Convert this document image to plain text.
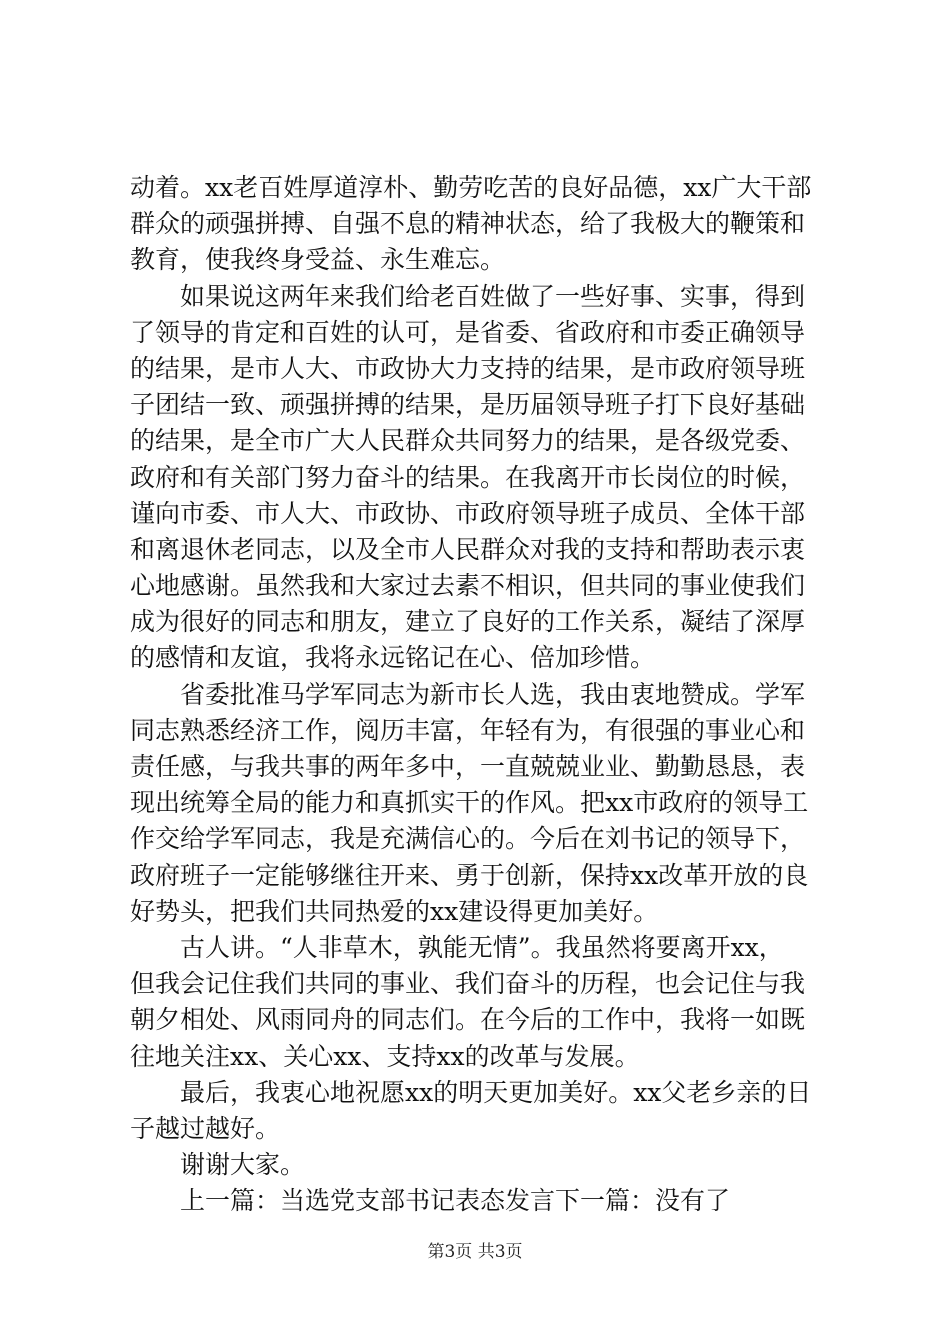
动着。xx老百姓厚道淳朴、勤劳吃苦的良好品德，xx广大干部
群众的顽强拼搏、自强不息的精神状态，给了我极大的鞭策和
教育，使我终身受益、永生难忘。
如果说这两年来我们给老百姓做了一些好事、实事，得到
了领导的肯定和百姓的认可，是省委、省政府和市委正确领导
的结果，是市人大、市政协大力支持的结果，是市政府领导班
子团结一致、顽强拼搏的结果，是历届领导班子打下良好基础
的结果，是全市广大人民群众共同努力的结果，是各级党委、
政府和有关部门努力奋斗的结果。在我离开市长岗位的时候，
谨向市委、市人大、市政协、市政府领导班子成员、全体干部
和离退休老同志，以及全市人民群众对我的支持和帮助表示衷
心地感谢。虽然我和大家过去素不相识，但共同的事业使我们
成为很好的同志和朋友，建立了良好的工作关系，凝结了深厚
的感情和友谊，我将永远铭记在心、倍加珍惜。
省委批准马学军同志为新市长人选，我由衷地赞成。学军
同志熟悉经济工作，阅历丰富，年轻有为，有很强的事业心和
责任感，与我共事的两年多中，一直兢兢业业、勤勤恳恳，表
现出统筹全局的能力和真抓实干的作风。把xx市政府的领导工
作交给学军同志，我是充满信心的。今后在刘书记的领导下，
政府班子一定能够继往开来、勇于创新，保持xx改革开放的良
好势头，把我们共同热爱的xx建设得更加美好。
古人讲。“人非草木，孰能无情”。我虽然将要离开xx，
但我会记住我们共同的事业、我们奋斗的历程，也会记住与我
朝夕相处、风雨同舟的同志们。在今后的工作中，我将一如既
往地关注xx、关心xx、支持xx的改革与发展。
最后，我衷心地祝愿xx的明天更加美好。xx父老乡亲的日
子越过越好。
谢谢大家。
上一篇：当选党支部书记表态发言下一篇：没有了
第3页 共3页
